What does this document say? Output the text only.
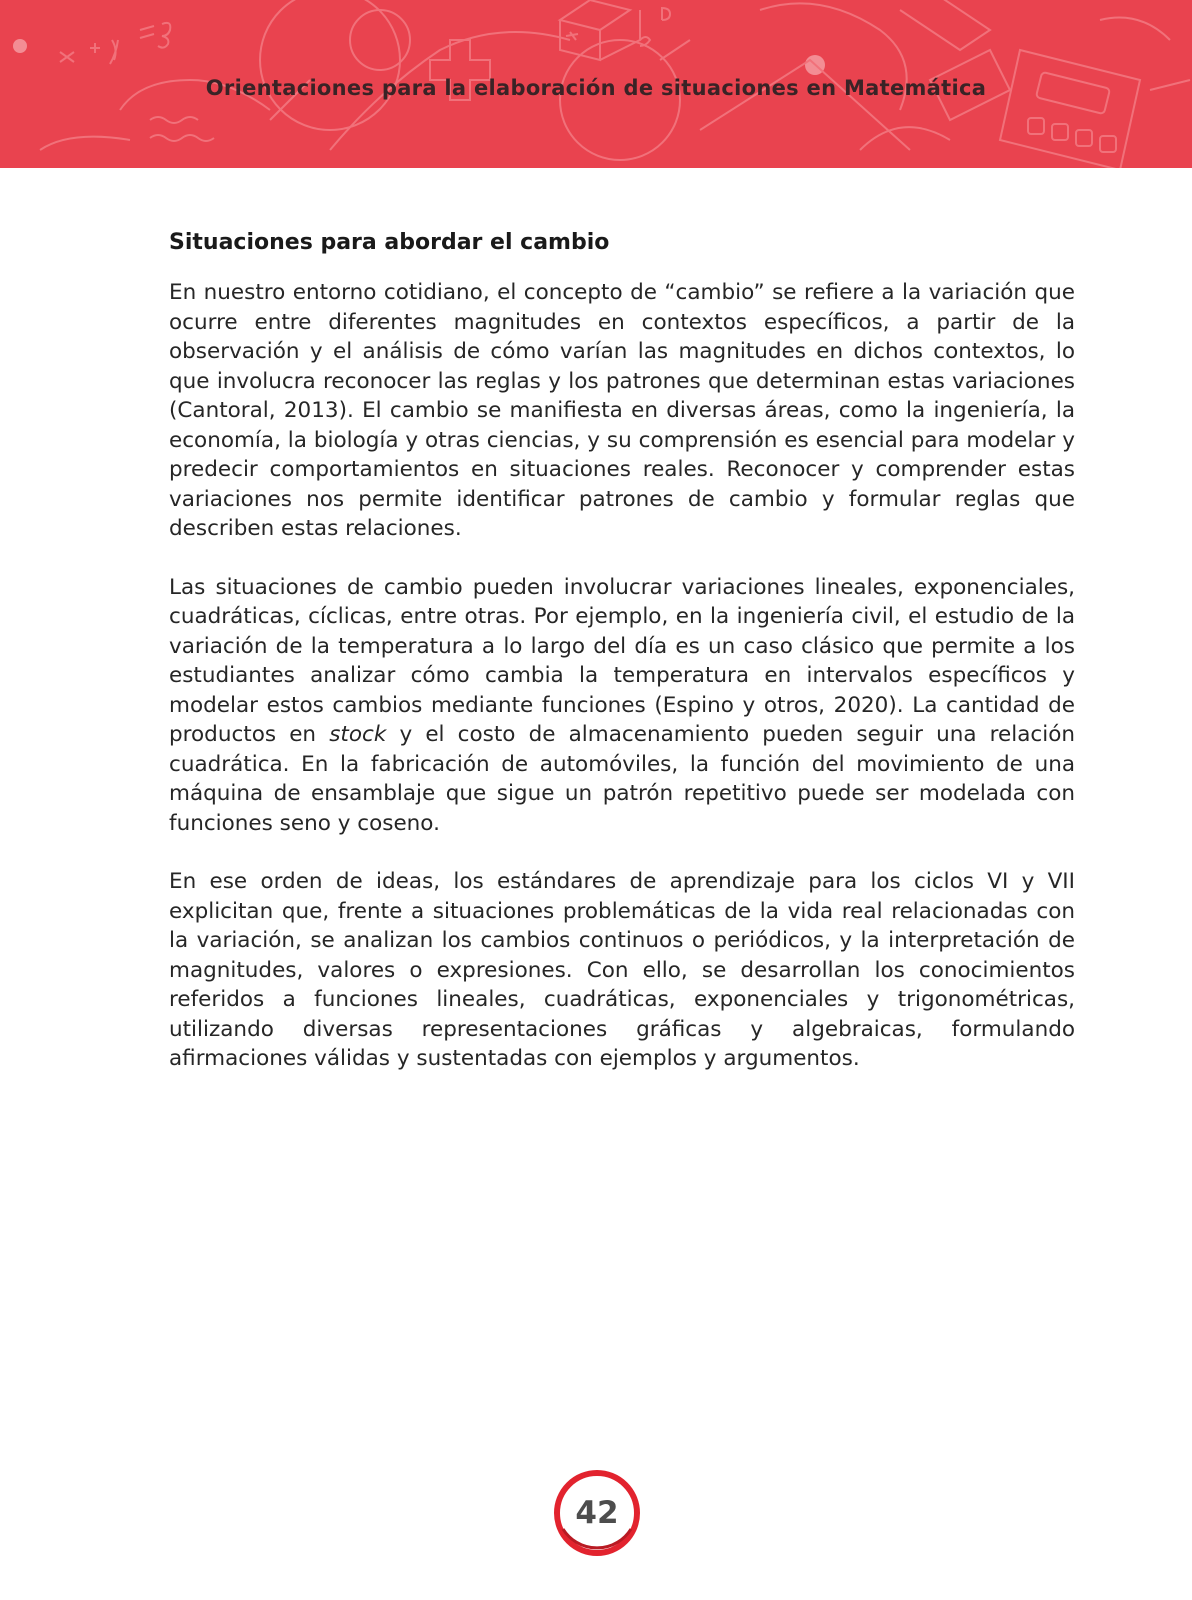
Orientaciones para la elaboración de situaciones en Matemática
Situaciones para abordar el cambio

En nuestro entorno cotidiano, el concepto de “cambio” se refiere a la variación que ocurre entre diferentes magnitudes en contextos específicos, a partir de la observación y el análisis de cómo varían las magnitudes en dichos contextos, lo que involucra reconocer las reglas y los patrones que determinan estas variaciones (Cantoral, 2013). El cambio se manifiesta en diversas áreas, como la ingeniería, la economía, la biología y otras ciencias, y su comprensión es esencial para modelar y predecir comportamientos en situaciones reales. Reconocer y comprender estas variaciones nos permite identificar patrones de cambio y formular reglas que describen estas relaciones.

Las situaciones de cambio pueden involucrar variaciones lineales, exponenciales, cuadráticas, cíclicas, entre otras. Por ejemplo, en la ingeniería civil, el estudio de la variación de la temperatura a lo largo del día es un caso clásico que permite a los estudiantes analizar cómo cambia la temperatura en intervalos específicos y modelar estos cambios mediante funciones (Espino y otros, 2020). La cantidad de productos en stock y el costo de almacenamiento pueden seguir una relación cuadrática. En la fabricación de automóviles, la función del movimiento de una máquina de ensamblaje que sigue un patrón repetitivo puede ser modelada con funciones seno y coseno.

En ese orden de ideas, los estándares de aprendizaje para los ciclos VI y VII explicitan que, frente a situaciones problemáticas de la vida real relacionadas con la variación, se analizan los cambios continuos o periódicos, y la interpretación de magnitudes, valores o expresiones. Con ello, se desarrollan los conocimientos referidos a funciones lineales, cuadráticas, exponenciales y trigonométricas, utilizando diversas representaciones gráficas y algebraicas, formulando afirmaciones válidas y sustentadas con ejemplos y argumentos.

42
